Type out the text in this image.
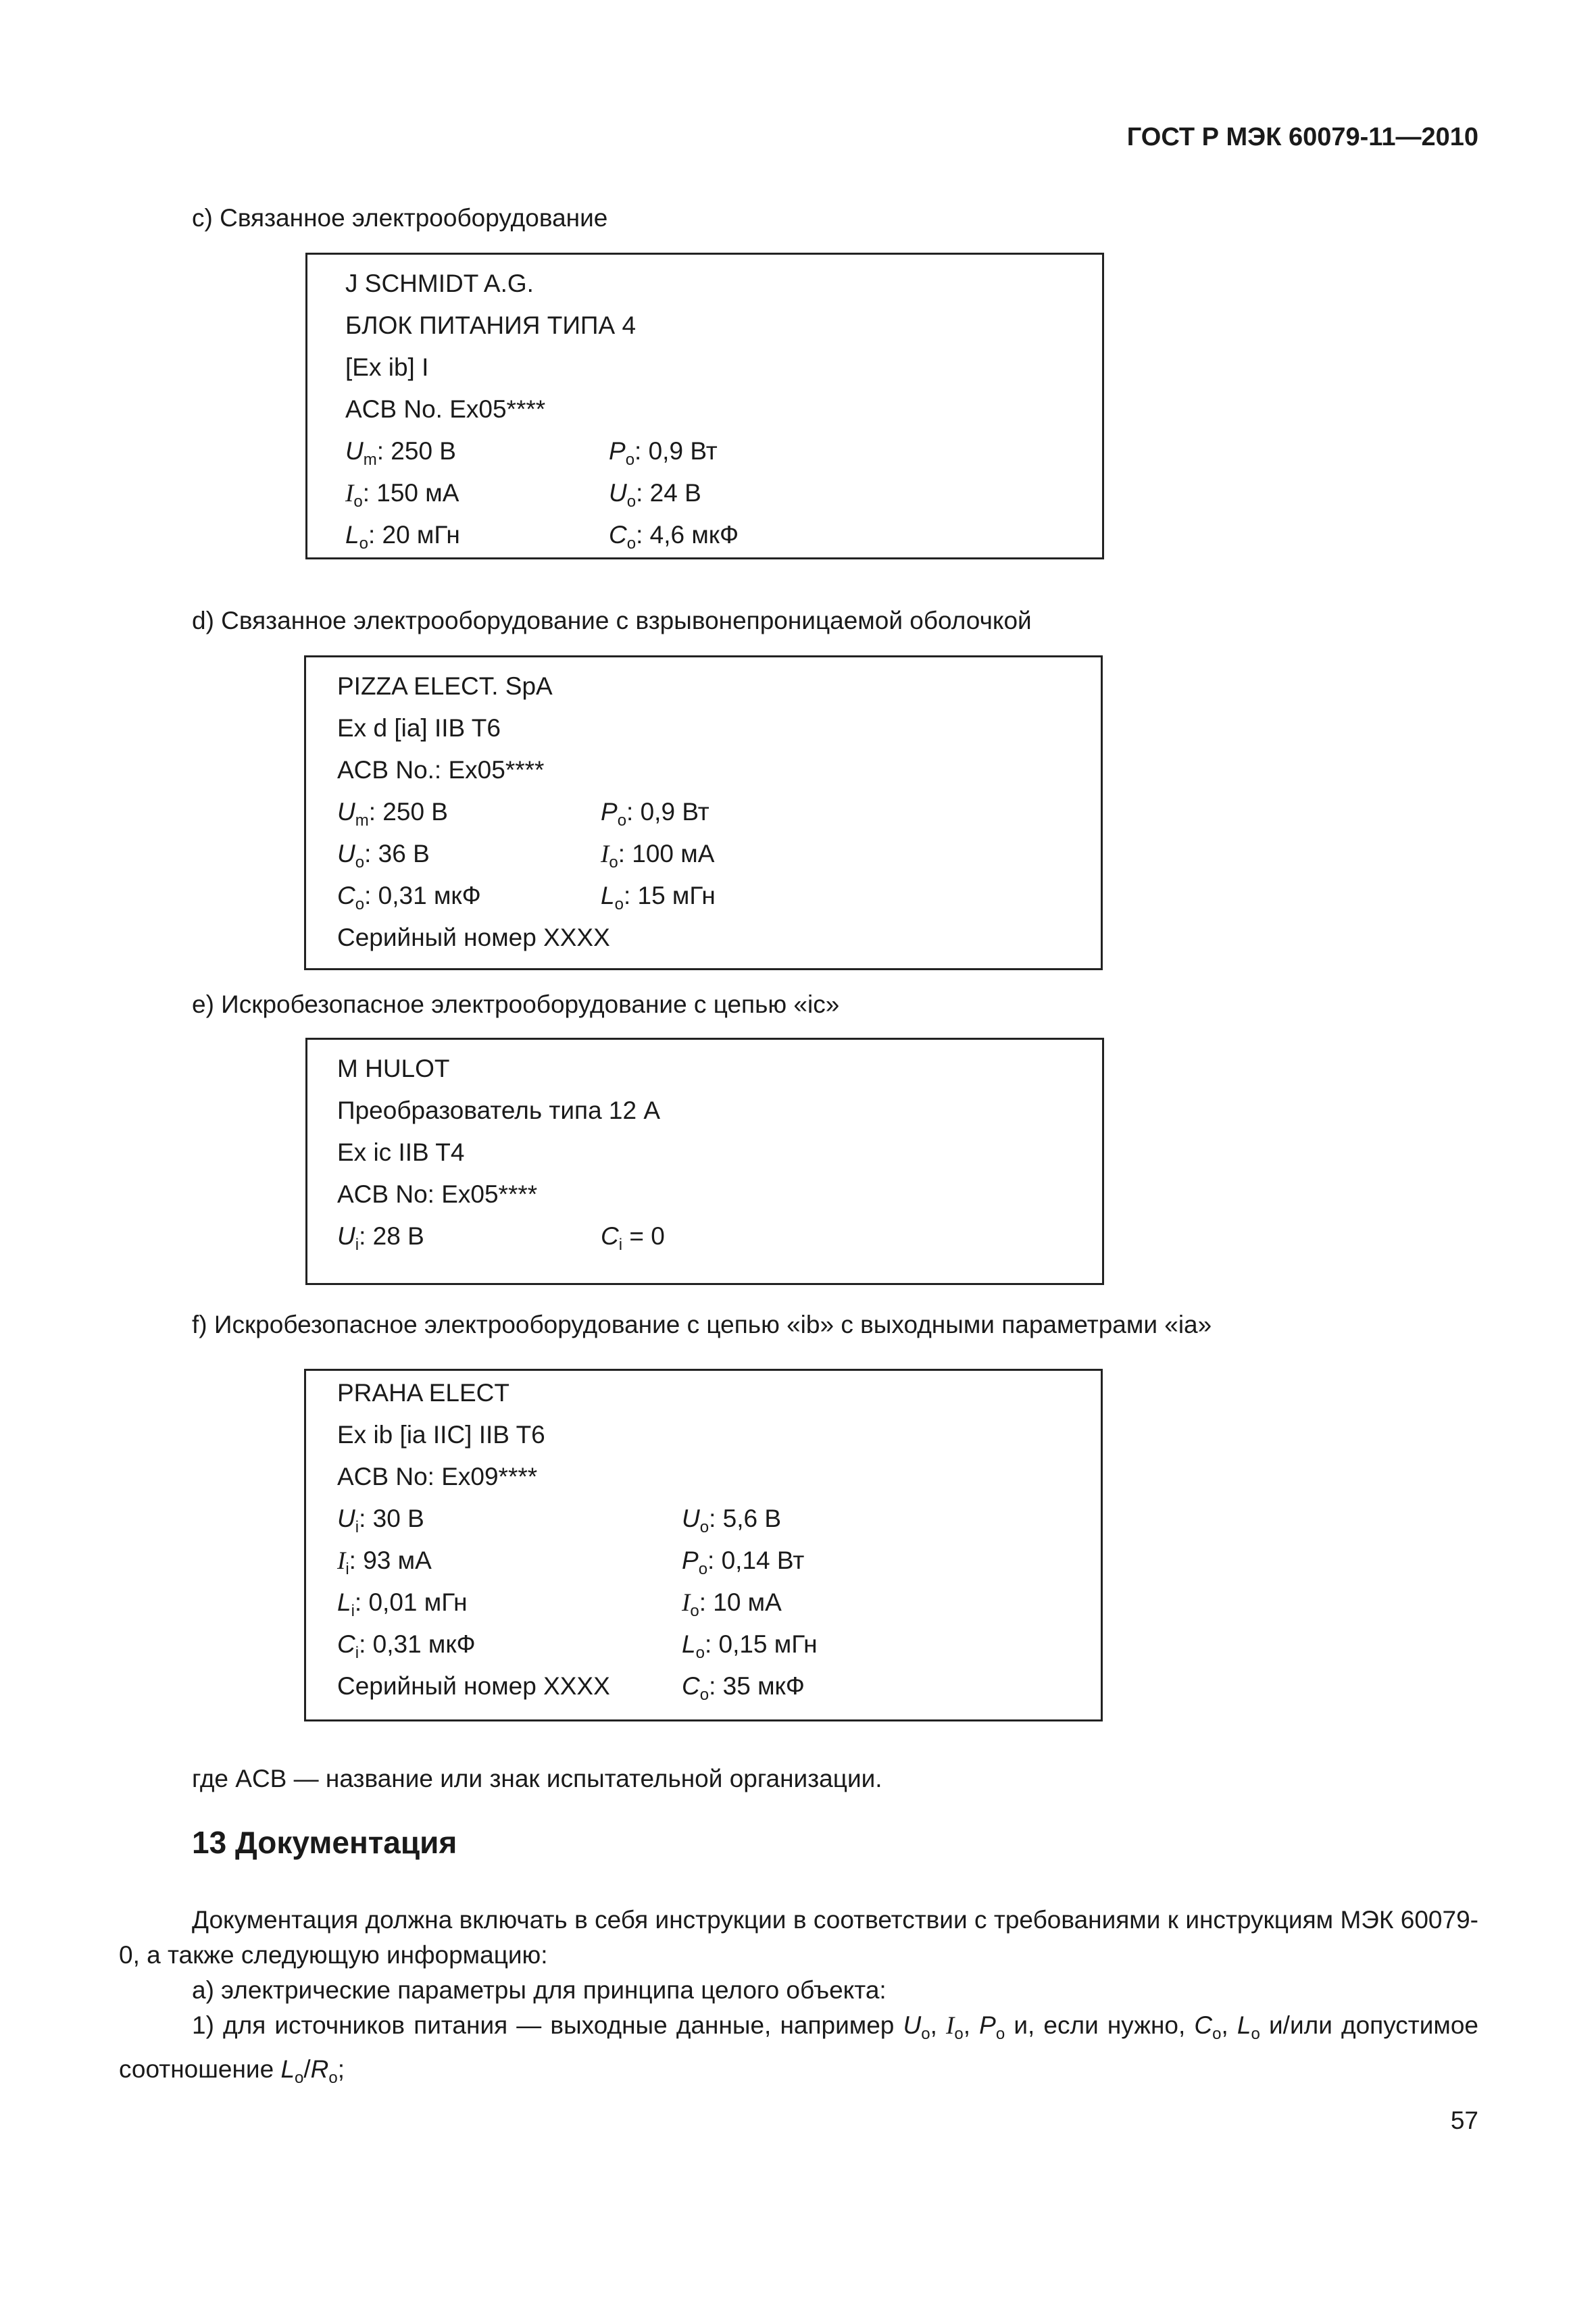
ГОСТ Р МЭК 60079-11—2010
c) Связанное электрооборудование
J SCHMIDT A.G.
БЛОК ПИТАНИЯ ТИПА 4
[Ex ib] I
ACB No. Ex05****
$U_m$: 250 В	$P_o$: 0,9 Вт
$I_o$: 150 мА	$U_o$: 24 В
$L_o$: 20 мГн	$C_o$: 4,6 мкФ
d) Связанное электрооборудование с взрывонепроницаемой оболочкой
PIZZA ELECT. SpA
Ex d [ia] IIB T6
ACB No.: Ex05****
$U_m$: 250 В	$P_o$: 0,9 Вт
$U_o$: 36 В	$I_o$: 100 мА
$C_o$: 0,31 мкФ	$L_o$: 15 мГн
Серийный номер XXXX
e) Искробезопасное электрооборудование с цепью «ic»
M HULOT
Преобразователь типа 12 А
Ex ic IIB T4
ACB No: Ex05****
$U_i$: 28 В	$C_i = 0$
f) Искробезопасное электрооборудование с цепью «ib» с выходными параметрами «ia»
PRAHA ELECT
Ex ib [ia IIC] IIB T6
ACB No: Ex09****
$U_i$: 30 В	$U_o$: 5,6 В
$I_i$: 93 мА	$P_o$: 0,14 Вт
$L_i$: 0,01 мГн	$I_o$: 10 мА
$C_i$: 0,31 мкФ	$L_o$: 0,15 мГн
Серийный номер XXXX	$C_o$: 35 мкФ
где ACB — название или знак испытательной организации.
13 Документация
Документация должна включать в себя инструкции в соответствии с требованиями к инструкциям МЭК 60079-0, а также следующую информацию:
а) электрические параметры для принципа целого объекта:
1) для источников питания — выходные данные, например $U_o$, $I_o$, $P_o$ и, если нужно, $C_o$, $L_o$ и/или допустимое соотношение $L_o/R_o$;
57
